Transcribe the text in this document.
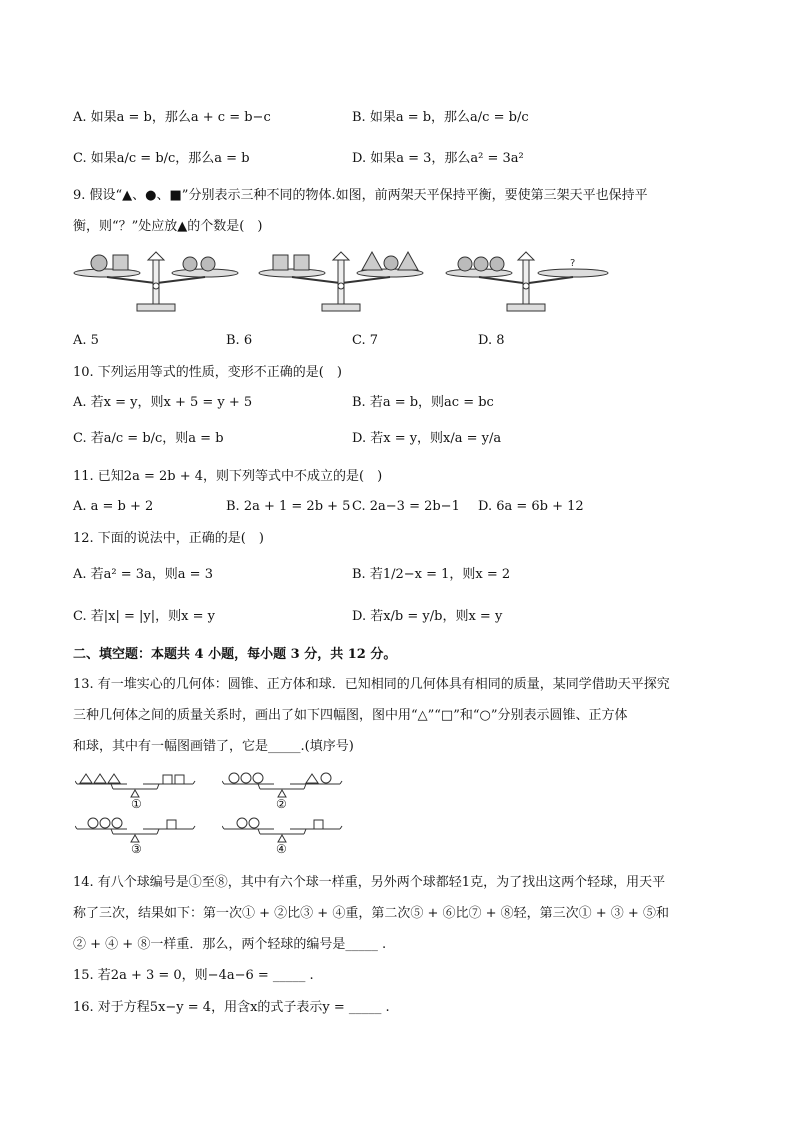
A. 如果a = b，那么a + c = b−c	B. 如果a = b，那么a/c = b/c
C. 如果a/c = b/c，那么a = b	D. 如果a = 3，那么a² = 3a²
9. 假设“▲、●、■”分别表示三种不同的物体.如图，前两架天平保持平衡，要使第三架天平也保持平
衡，则“？”处应放▲的个数是(　)
?
A. 5	B. 6	C. 7	D. 8
10. 下列运用等式的性质，变形不正确的是(　)
A. 若x = y，则x + 5 = y + 5	B. 若a = b，则ac = bc
C. 若a/c = b/c，则a = b	D. 若x = y，则x/a = y/a
11. 已知2a = 2b + 4，则下列等式中不成立的是(　)
A. a = b + 2	B. 2a + 1 = 2b + 5 C. 2a−3 = 2b−1 D. 6a = 6b + 12
12. 下面的说法中，正确的是(　)
A. 若a² = 3a，则a = 3	B. 若1/2−x = 1，则x = 2
C. 若|x| = |y|，则x = y	D. 若x/b = y/b，则x = y
二、填空题：本题共 4 小题，每小题 3 分，共 12 分。
13. 有一堆实心的几何体：圆锥、正方体和球．已知相同的几何体具有相同的质量，某同学借助天平探究
三种几何体之间的质量关系时，画出了如下四幅图，图中用“△”“□”和“○”分别表示圆锥、正方体
和球，其中有一幅图画错了，它是_____.(填序号)
①	②
③	④
14. 有八个球编号是①至⑧，其中有六个球一样重，另外两个球都轻1克，为了找出这两个轻球，用天平
称了三次，结果如下：第一次① + ②比③ + ④重，第二次⑤ + ⑥比⑦ + ⑧轻，第三次① + ③ + ⑤和
② + ④ + ⑧一样重．那么，两个轻球的编号是_____ .
15. 若2a + 3 = 0，则−4a−6 = _____ .
16. 对于方程5x−y = 4，用含x的式子表示y = _____ .
